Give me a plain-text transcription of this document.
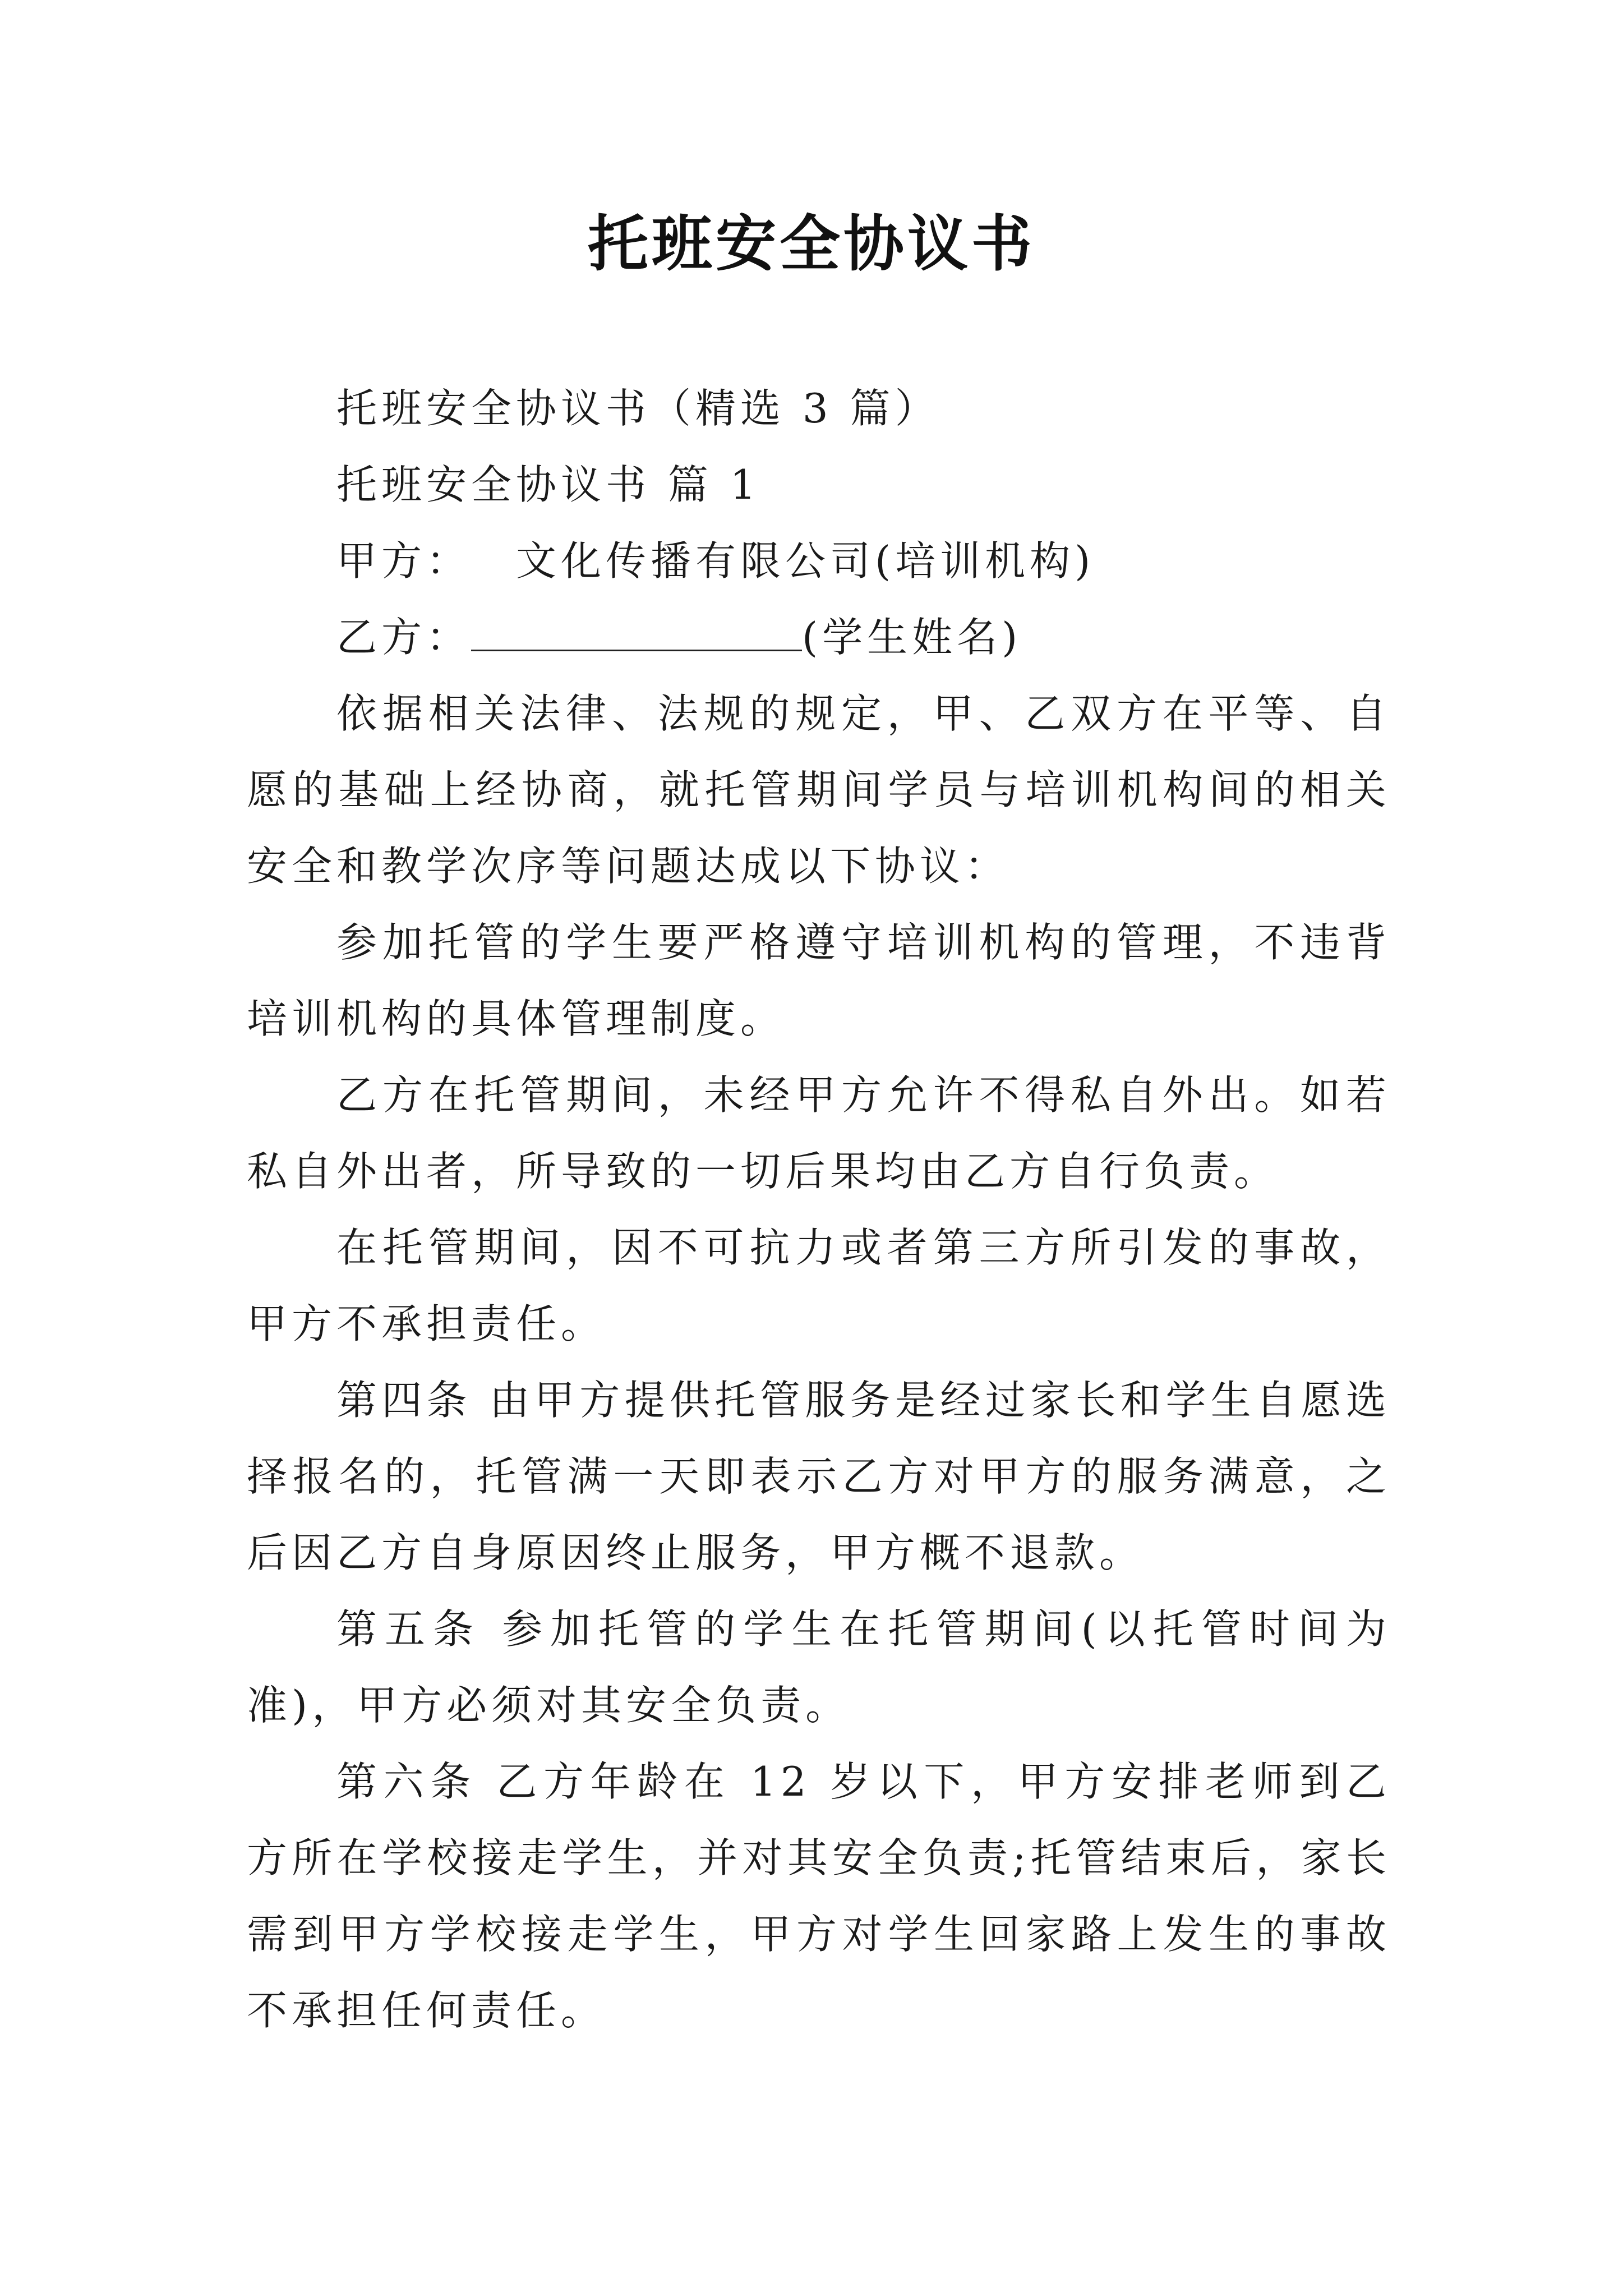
托班安全协议书

托班安全协议书（精选 3 篇）

托班安全协议书 篇 1

甲方：  文化传播有限公司(培训机构)

乙方：	(学生姓名)

依据相关法律、法规的规定，甲、乙双方在平等、自愿的基础上经协商，就托管期间学员与培训机构间的相关安全和教学次序等问题达成以下协议：

参加托管的学生要严格遵守培训机构的管理，不违背培训机构的具体管理制度。

乙方在托管期间，未经甲方允许不得私自外出。如若私自外出者，所导致的一切后果均由乙方自行负责。

在托管期间，因不可抗力或者第三方所引发的事故，甲方不承担责任。

第四条 由甲方提供托管服务是经过家长和学生自愿选择报名的，托管满一天即表示乙方对甲方的服务满意，之后因乙方自身原因终止服务，甲方概不退款。

第五条 参加托管的学生在托管期间(以托管时间为准)，甲方必须对其安全负责。

第六条 乙方年龄在 12 岁以下，甲方安排老师到乙方所在学校接走学生，并对其安全负责;托管结束后，家长需到甲方学校接走学生，甲方对学生回家路上发生的事故不承担任何责任。
